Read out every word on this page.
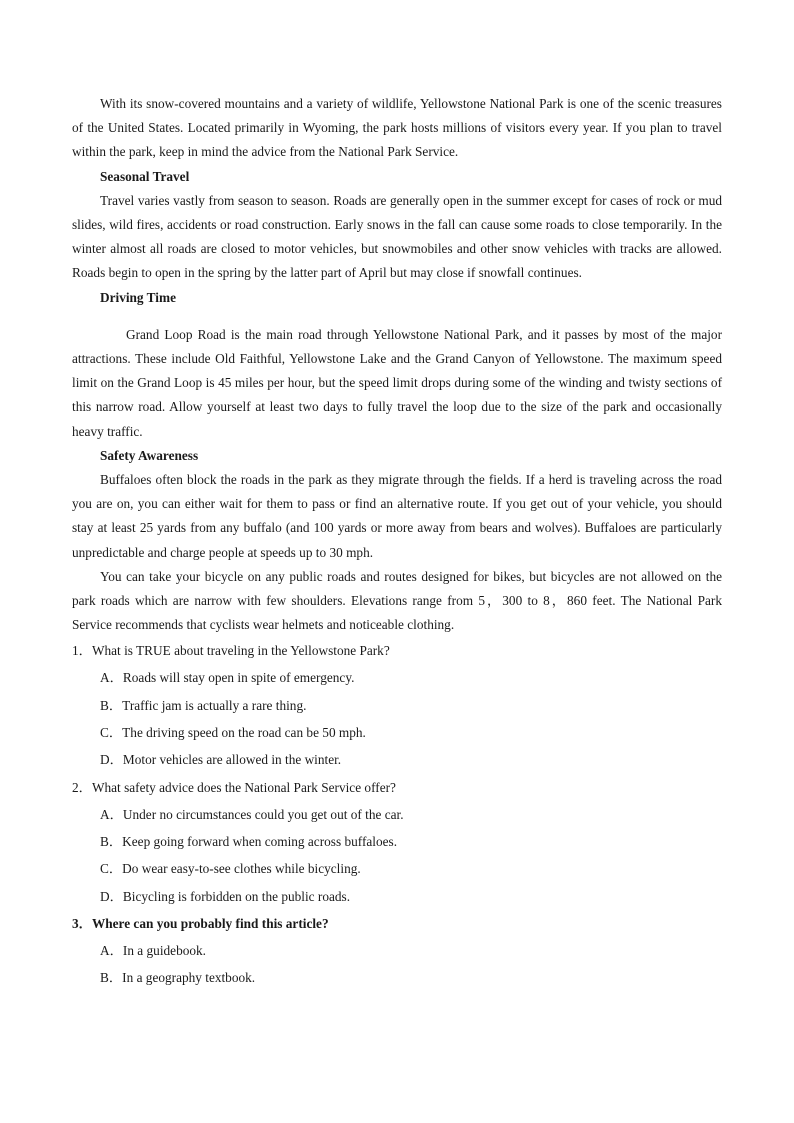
With its snow-covered mountains and a variety of wildlife, Yellowstone National Park is one of the scenic treasures of the United States. Located primarily in Wyoming, the park hosts millions of visitors every year. If you plan to travel within the park, keep in mind the advice from the National Park Service.

Seasonal Travel

Travel varies vastly from season to season. Roads are generally open in the summer except for cases of rock or mud slides, wild fires, accidents or road construction. Early snows in the fall can cause some roads to close temporarily. In the winter almost all roads are closed to motor vehicles, but snowmobiles and other snow vehicles with tracks are allowed. Roads begin to open in the spring by the latter part of April but may close if snowfall continues.

Driving Time

Grand Loop Road is the main road through Yellowstone National Park, and it passes by most of the major attractions. These include Old Faithful, Yellowstone Lake and the Grand Canyon of Yellowstone. The maximum speed limit on the Grand Loop is 45 miles per hour, but the speed limit drops during some of the winding and twisty sections of this narrow road. Allow yourself at least two days to fully travel the loop due to the size of the park and occasionally heavy traffic.

Safety Awareness

Buffaloes often block the roads in the park as they migrate through the fields. If a herd is traveling across the road you are on, you can either wait for them to pass or find an alternative route. If you get out of your vehicle, you should stay at least 25 yards from any buffalo (and 100 yards or more away from bears and wolves). Buffaloes are particularly unpredictable and charge people at speeds up to 30 mph.

You can take your bicycle on any public roads and routes designed for bikes, but bicycles are not allowed on the park roads which are narrow with few shoulders. Elevations range from 5，300 to 8，860 feet. The National Park Service recommends that cyclists wear helmets and noticeable clothing.

1．What is TRUE about traveling in the Yellowstone Park?

A．Roads will stay open in spite of emergency.

B．Traffic jam is actually a rare thing.

C．The driving speed on the road can be 50 mph.

D．Motor vehicles are allowed in the winter.

2．What safety advice does the National Park Service offer?

A．Under no circumstances could you get out of the car.

B．Keep going forward when coming across buffaloes.

C．Do wear easy-to-see clothes while bicycling.

D．Bicycling is forbidden on the public roads.

3．Where can you probably find this article?

A．In a guidebook.

B．In a geography textbook.
